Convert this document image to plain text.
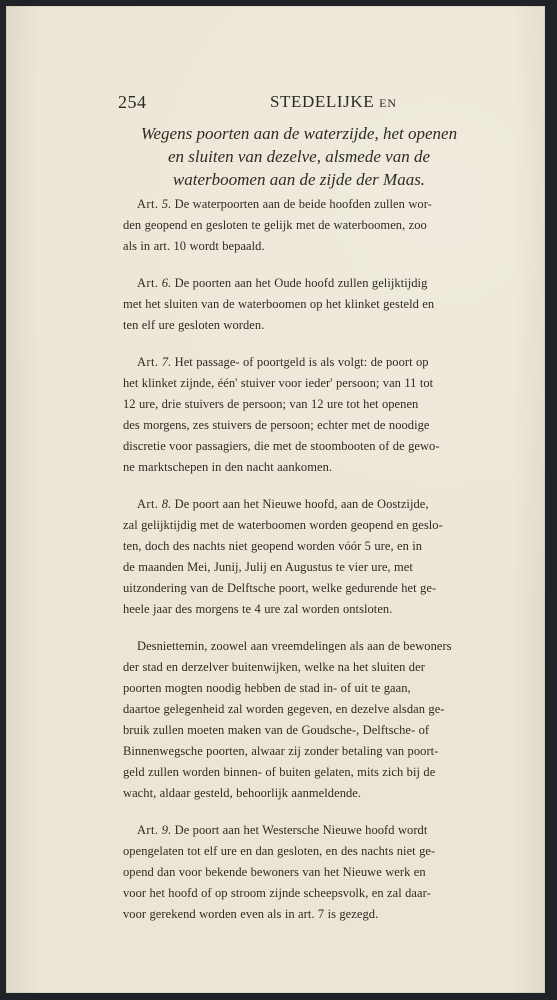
254	STEDELIJKE EN
Wegens poorten aan de waterzijde, het openen
en sluiten van dezelve, alsmede van de
waterboomen aan de zijde der Maas.
Art. 5. De waterpoorten aan de beide hoofden zullen wor-
den geopend en gesloten te gelijk met de waterboomen, zoo
als in art. 10 wordt bepaald.
Art. 6. De poorten aan het Oude hoofd zullen gelijktijdig
met het sluiten van de waterboomen op het klinket gesteld en
ten elf ure gesloten worden.
Art. 7. Het passage- of poortgeld is als volgt: de poort op
het klinket zijnde, één' stuiver voor ieder' persoon; van 11 tot
12 ure, drie stuivers de persoon; van 12 ure tot het openen
des morgens, zes stuivers de persoon; echter met de noodige
discretie voor passagiers, die met de stoombooten of de gewo-
ne marktschepen in den nacht aankomen.
Art. 8. De poort aan het Nieuwe hoofd, aan de Oostzijde,
zal gelijktijdig met de waterboomen worden geopend en geslo-
ten, doch des nachts niet geopend worden vóór 5 ure, en in
de maanden Mei, Junij, Julij en Augustus te vier ure, met
uitzondering van de Delftsche poort, welke gedurende het ge-
heele jaar des morgens te 4 ure zal worden ontsloten.
Desniettemin, zoowel aan vreemdelingen als aan de bewoners
der stad en derzelver buitenwijken, welke na het sluiten der
poorten mogten noodig hebben de stad in- of uit te gaan,
daartoe gelegenheid zal worden gegeven, en dezelve alsdan ge-
bruik zullen moeten maken van de Goudsche-, Delftsche- of
Binnenwegsche poorten, alwaar zij zonder betaling van poort-
geld zullen worden binnen- of buiten gelaten, mits zich bij de
wacht, aldaar gesteld, behoorlijk aanmeldende.
Art. 9. De poort aan het Westersche Nieuwe hoofd wordt
opengelaten tot elf ure en dan gesloten, en des nachts niet ge-
opend dan voor bekende bewoners van het Nieuwe werk en
voor het hoofd of op stroom zijnde scheepsvolk, en zal daar-
voor gerekend worden even als in art. 7 is gezegd.
